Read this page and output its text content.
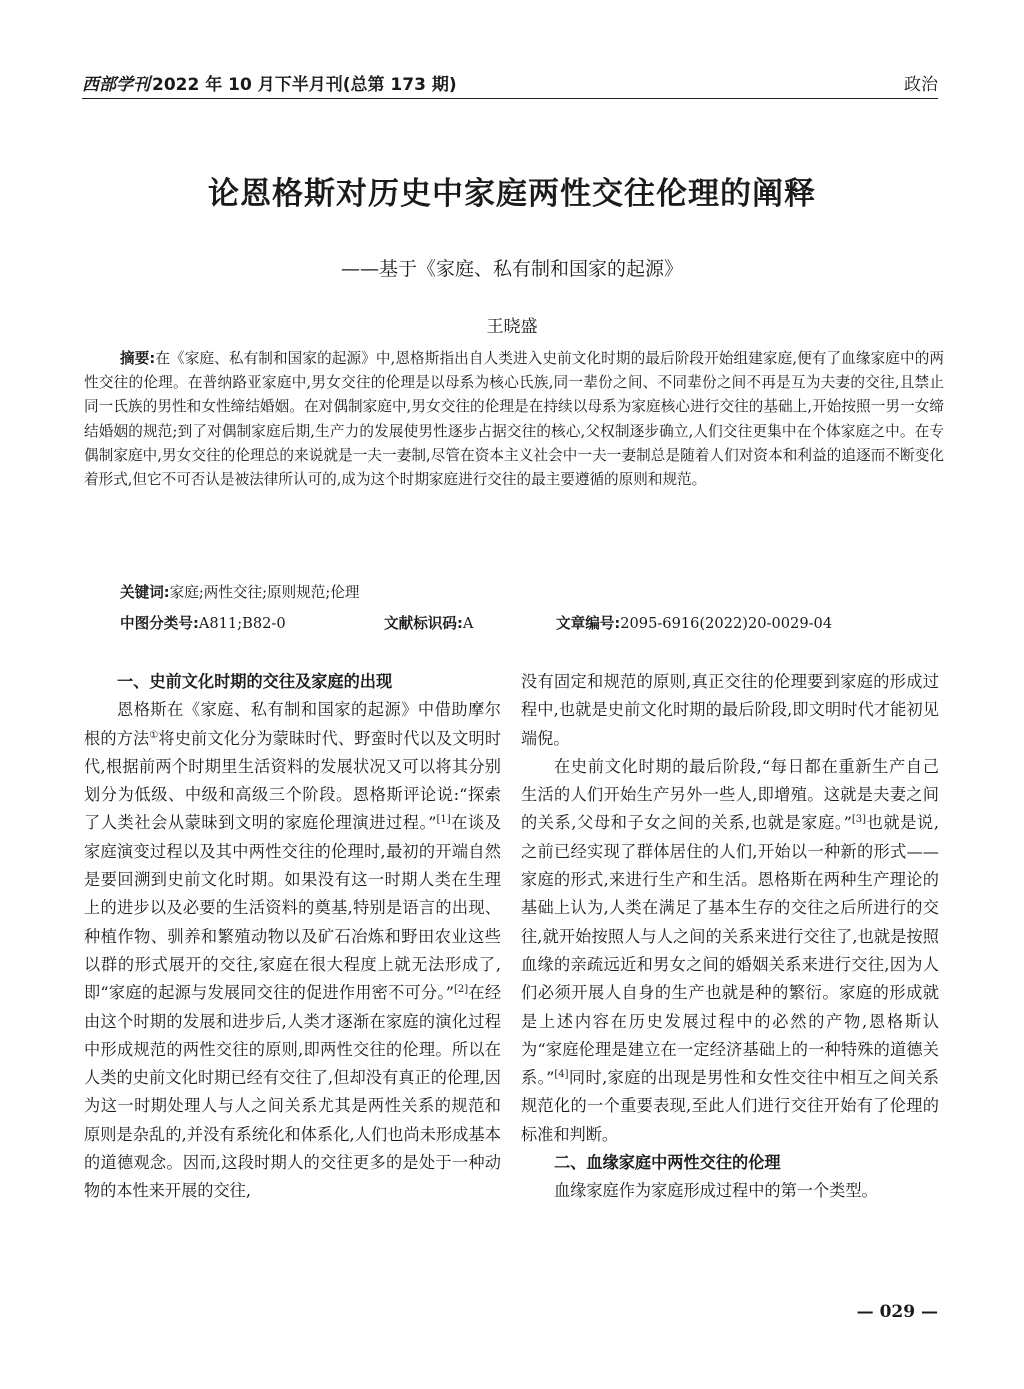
西部学刊 2022 年 10 月下半月刊(总第 173 期)	政治
论恩格斯对历史中家庭两性交往伦理的阐释
——基于《家庭、私有制和国家的起源》
王晓盛
摘要:在《家庭、私有制和国家的起源》中,恩格斯指出自人类进入史前文化时期的最后阶段开始组建家庭,便有了血缘家庭中的两性交往的伦理。在普纳路亚家庭中,男女交往的伦理是以母系为核心氏族,同一辈份之间、不同辈份之间不再是互为夫妻的交往,且禁止同一氏族的男性和女性缔结婚姻。在对偶制家庭中,男女交往的伦理是在持续以母系为家庭核心进行交往的基础上,开始按照一男一女缔结婚姻的规范;到了对偶制家庭后期,生产力的发展使男性逐步占据交往的核心,父权制逐步确立,人们交往更集中在个体家庭之中。在专偶制家庭中,男女交往的伦理总的来说就是一夫一妻制,尽管在资本主义社会中一夫一妻制总是随着人们对资本和利益的追逐而不断变化着形式,但它不可否认是被法律所认可的,成为这个时期家庭进行交往的最主要遵循的原则和规范。
关键词:家庭;两性交往;原则规范;伦理
中图分类号:A811;B82-0	文献标识码:A	文章编号:2095-6916(2022)20-0029-04
一、史前文化时期的交往及家庭的出现

恩格斯在《家庭、私有制和国家的起源》中借助摩尔根的方法①将史前文化分为蒙昧时代、野蛮时代以及文明时代,根据前两个时期里生活资料的发展状况又可以将其分别划分为低级、中级和高级三个阶段。恩格斯评论说:“探索了人类社会从蒙昧到文明的家庭伦理演进过程。”[1]在谈及家庭演变过程以及其中两性交往的伦理时,最初的开端自然是要回溯到史前文化时期。如果没有这一时期人类在生理上的进步以及必要的生活资料的奠基,特别是语言的出现、种植作物、驯养和繁殖动物以及矿石冶炼和野田农业这些以群的形式展开的交往,家庭在很大程度上就无法形成了,即“家庭的起源与发展同交往的促进作用密不可分。”[2]在经由这个时期的发展和进步后,人类才逐渐在家庭的演化过程中形成规范的两性交往的原则,即两性交往的伦理。所以在人类的史前文化时期已经有交往了,但却没有真正的伦理,因为这一时期处理人与人之间关系尤其是两性关系的规范和原则是杂乱的,并没有系统化和体系化,人们也尚未形成基本的道德观念。因而,这段时期人的交往更多的是处于一种动物的本性来开展的交往,

没有固定和规范的原则,真正交往的伦理要到家庭的形成过程中,也就是史前文化时期的最后阶段,即文明时代才能初见端倪。

在史前文化时期的最后阶段,“每日都在重新生产自己生活的人们开始生产另外一些人,即增殖。这就是夫妻之间的关系,父母和子女之间的关系,也就是家庭。”[3]也就是说,之前已经实现了群体居住的人们,开始以一种新的形式——家庭的形式,来进行生产和生活。恩格斯在两种生产理论的基础上认为,人类在满足了基本生存的交往之后所进行的交往,就开始按照人与人之间的关系来进行交往了,也就是按照血缘的亲疏远近和男女之间的婚姻关系来进行交往,因为人们必须开展人自身的生产也就是种的繁衍。家庭的形成就是上述内容在历史发展过程中的必然的产物,恩格斯认为“家庭伦理是建立在一定经济基础上的一种特殊的道德关系。”[4]同时,家庭的出现是男性和女性交往中相互之间关系规范化的一个重要表现,至此人们进行交往开始有了伦理的标准和判断。

二、血缘家庭中两性交往的伦理

血缘家庭作为家庭形成过程中的第一个类型。

— 029 —
